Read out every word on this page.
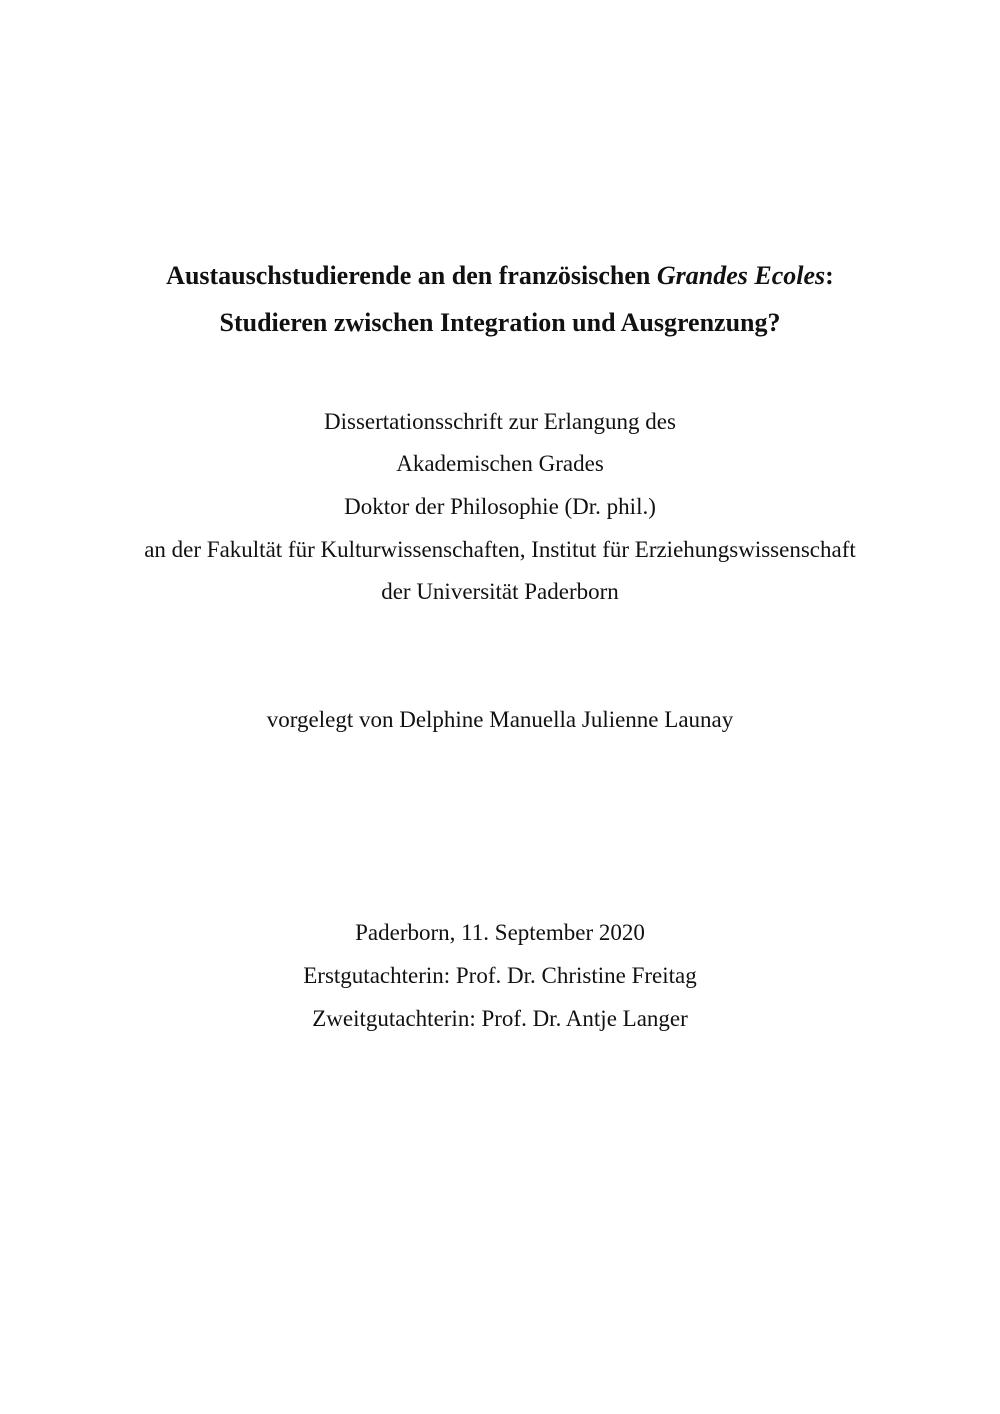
Austauschstudierende an den französischen Grandes Ecoles:
Studieren zwischen Integration und Ausgrenzung?
Dissertationsschrift zur Erlangung des
Akademischen Grades
Doktor der Philosophie (Dr. phil.)
an der Fakultät für Kulturwissenschaften, Institut für Erziehungswissenschaft
der Universität Paderborn
vorgelegt von Delphine Manuella Julienne Launay
Paderborn, 11. September 2020
Erstgutachterin: Prof. Dr. Christine Freitag
Zweitgutachterin: Prof. Dr. Antje Langer
